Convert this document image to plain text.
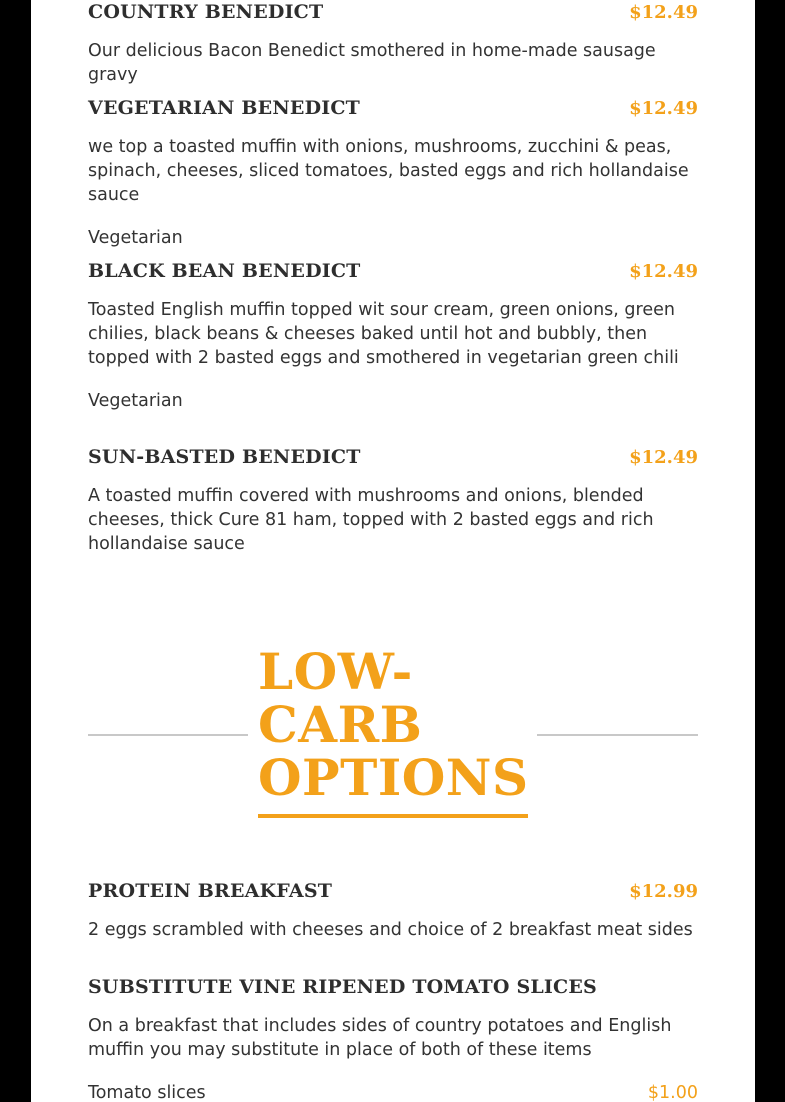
COUNTRY BENEDICT	$12.49
Our delicious Bacon Benedict smothered in home-made sausage gravy
VEGETARIAN BENEDICT	$12.49
we top a toasted muffin with onions, mushrooms, zucchini & peas, spinach, cheeses, sliced tomatoes, basted eggs and rich hollandaise sauce
Vegetarian
BLACK BEAN BENEDICT	$12.49
Toasted English muffin topped wit sour cream, green onions, green chilies, black beans & cheeses baked until hot and bubbly, then topped with 2 basted eggs and smothered in vegetarian green chili
Vegetarian
SUN-BASTED BENEDICT	$12.49
A toasted muffin covered with mushrooms and onions, blended cheeses, thick Cure 81 ham, topped with 2 basted eggs and rich hollandaise sauce
LOW-CARB OPTIONS
PROTEIN BREAKFAST	$12.99
2 eggs scrambled with cheeses and choice of 2 breakfast meat sides
SUBSTITUTE VINE RIPENED TOMATO SLICES
On a breakfast that includes sides of country potatoes and English muffin you may substitute in place of both of these items
Tomato slices	$1.00
